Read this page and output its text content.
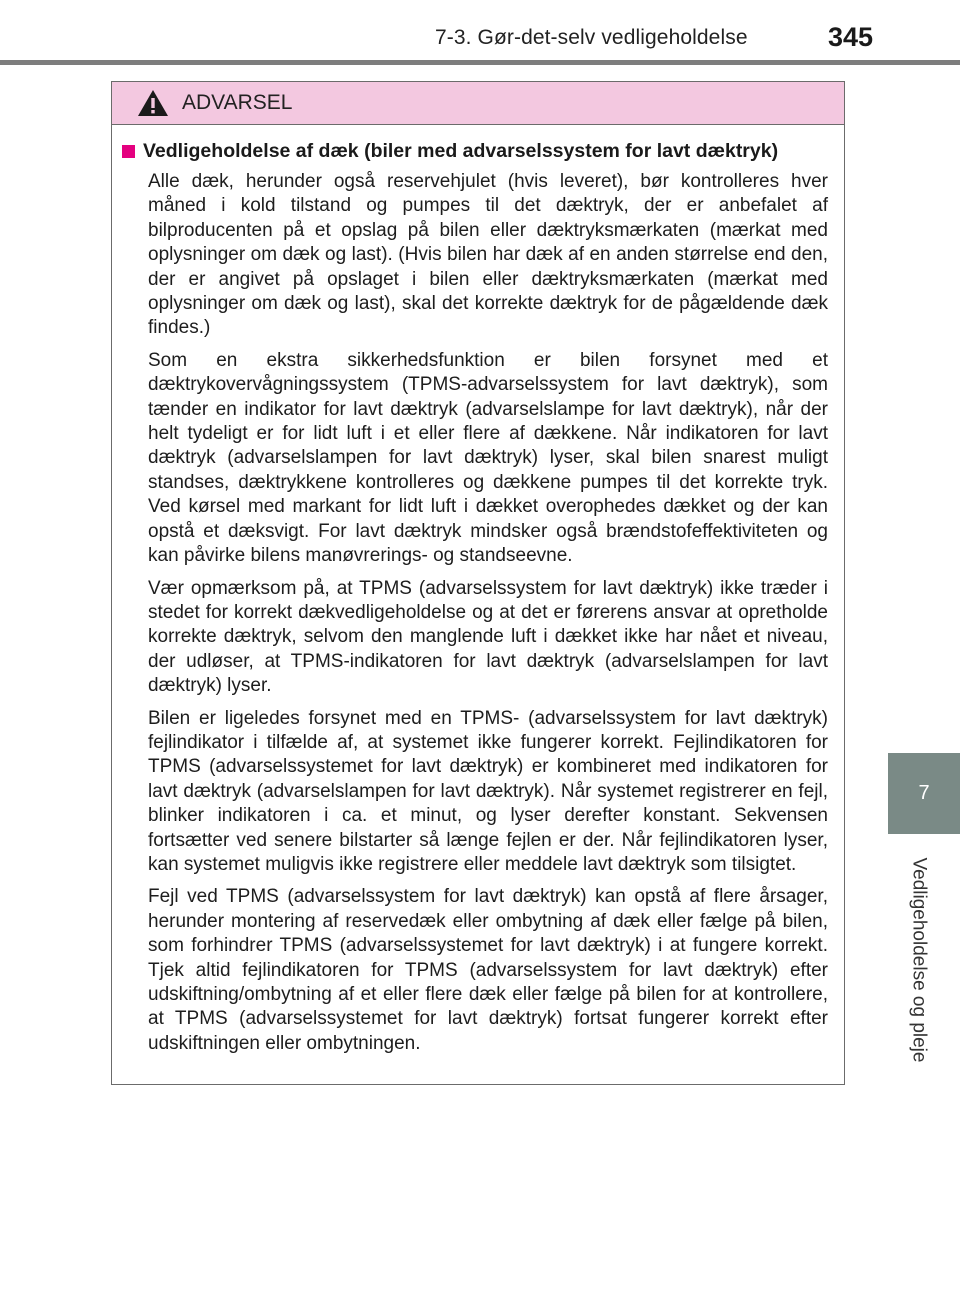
7-3. Gør-det-selv vedligeholdelse	345
7
Vedligeholdelse og pleje
ADVARSEL
Vedligeholdelse af dæk (biler med advarselssystem for lavt dæktryk)

Alle dæk, herunder også reservehjulet (hvis leveret), bør kontrolleres hver måned i kold tilstand og pumpes til det dæktryk, der er anbefalet af bilproducenten på et opslag på bilen eller dæktryksmærkaten (mærkat med oplysninger om dæk og last). (Hvis bilen har dæk af en anden størrelse end den, der er angivet på opslaget i bilen eller dæktryksmærkaten (mærkat med oplysninger om dæk og last), skal det korrekte dæktryk for de pågældende dæk findes.)

Som en ekstra sikkerhedsfunktion er bilen forsynet med et dæktrykovervågningssystem (TPMS-advarselssystem for lavt dæktryk), som tænder en indikator for lavt dæktryk (advarselslampe for lavt dæktryk), når der helt tydeligt er for lidt luft i et eller flere af dækkene. Når indikatoren for lavt dæktryk (advarselslampen for lavt dæktryk) lyser, skal bilen snarest muligt standses, dæktrykkene kontrolleres og dækkene pumpes til det korrekte tryk. Ved kørsel med markant for lidt luft i dækket overophedes dækket og der kan opstå et dæksvigt. For lavt dæktryk mindsker også brændstofeffektiviteten og kan påvirke bilens manøvrerings- og standseevne.

Vær opmærksom på, at TPMS (advarselssystem for lavt dæktryk) ikke træder i stedet for korrekt dækvedligeholdelse og at det er førerens ansvar at opretholde korrekte dæktryk, selvom den manglende luft i dækket ikke har nået et niveau, der udløser, at TPMS-indikatoren for lavt dæktryk (advarselslampen for lavt dæktryk) lyser.

Bilen er ligeledes forsynet med en TPMS- (advarselssystem for lavt dæktryk) fejlindikator i tilfælde af, at systemet ikke fungerer korrekt. Fejlindikatoren for TPMS (advarselssystemet for lavt dæktryk) er kombineret med indikatoren for lavt dæktryk (advarselslampen for lavt dæktryk). Når systemet registrerer en fejl, blinker indikatoren i ca. et minut, og lyser derefter konstant. Sekvensen fortsætter ved senere bilstarter så længe fejlen er der. Når fejlindikatoren lyser, kan systemet muligvis ikke registrere eller meddele lavt dæktryk som tilsigtet.

Fejl ved TPMS (advarselssystem for lavt dæktryk) kan opstå af flere årsager, herunder montering af reservedæk eller ombytning af dæk eller fælge på bilen, som forhindrer TPMS (advarselssystemet for lavt dæktryk) i at fungere korrekt. Tjek altid fejlindikatoren for TPMS (advarselssystem for lavt dæktryk) efter udskiftning/ombytning af et eller flere dæk eller fælge på bilen for at kontrollere, at TPMS (advarselssystemet for lavt dæktryk) fortsat fungerer korrekt efter udskiftningen eller ombytningen.
